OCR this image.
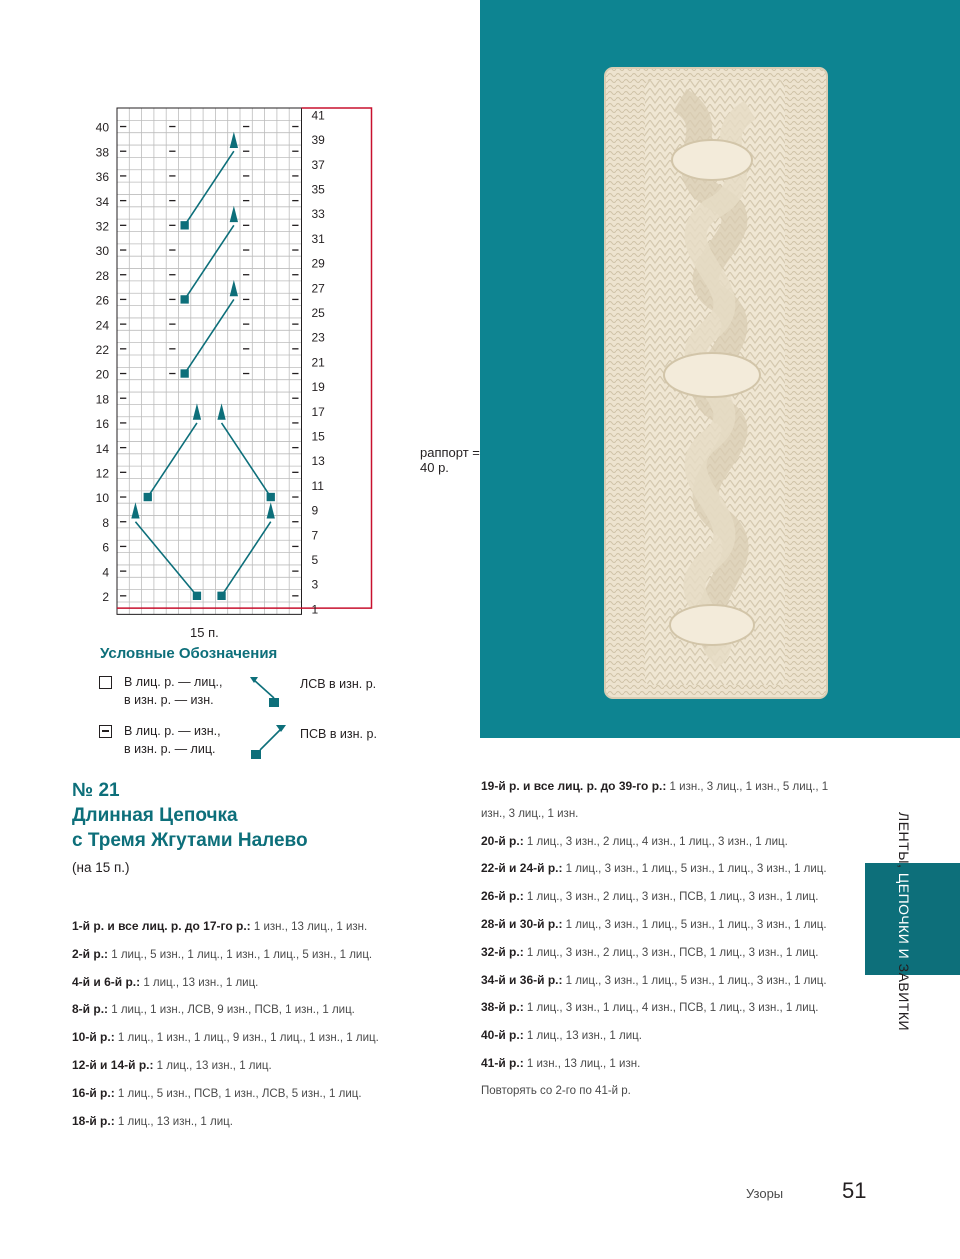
40
38
36
34
32
30
28
26
24
22
20
18
16
14
12
10
8
6
4
2
41
39
37
35
33
31
29
27
25
23
21
19
17
15
13
11
9
7
5
3
1
раппорт = 40 р.
15 п.
Условные Обозначения
В лиц. р. — лиц.,
в изн. р. — изн.
В лиц. р. — изн.,
в изн. р. — лиц.
ЛСВ в изн. р.
ПСВ в изн. р.
№ 21
Длинная Цепочка
с Тремя Жгутами Налево
(на 15 п.)
1-й р. и все лиц. р. до 17-го р.: 1 изн., 13 лиц., 1 изн.
2-й р.: 1 лиц., 5 изн., 1 лиц., 1 изн., 1 лиц., 5 изн., 1 лиц.
4-й и 6-й р.: 1 лиц., 13 изн., 1 лиц.
8-й р.: 1 лиц., 1 изн., ЛСВ, 9 изн., ПСВ, 1 изн., 1 лиц.
10-й р.: 1 лиц., 1 изн., 1 лиц., 9 изн., 1 лиц., 1 изн., 1 лиц.
12-й и 14-й р.: 1 лиц., 13 изн., 1 лиц.
16-й р.: 1 лиц., 5 изн., ПСВ, 1 изн., ЛСВ, 5 изн., 1 лиц.
18-й р.: 1 лиц., 13 изн., 1 лиц.
19-й р. и все лиц. р. до 39-го р.: 1 изн., 3 лиц., 1 изн., 5 лиц., 1 изн., 3 лиц., 1 изн.
20-й р.: 1 лиц., 3 изн., 2 лиц., 4 изн., 1 лиц., 3 изн., 1 лиц.
22-й и 24-й р.: 1 лиц., 3 изн., 1 лиц., 5 изн., 1 лиц., 3 изн., 1 лиц.
26-й р.: 1 лиц., 3 изн., 2 лиц., 3 изн., ПСВ, 1 лиц., 3 изн., 1 лиц.
28-й и 30-й р.: 1 лиц., 3 изн., 1 лиц., 5 изн., 1 лиц., 3 изн., 1 лиц.
32-й р.: 1 лиц., 3 изн., 2 лиц., 3 изн., ПСВ, 1 лиц., 3 изн., 1 лиц.
34-й и 36-й р.: 1 лиц., 3 изн., 1 лиц., 5 изн., 1 лиц., 3 изн., 1 лиц.
38-й р.: 1 лиц., 3 изн., 1 лиц., 4 изн., ПСВ, 1 лиц., 3 изн., 1 лиц.
40-й р.: 1 лиц., 13 изн., 1 лиц.
41-й р.: 1 изн., 13 лиц., 1 изн.
Повторять со 2-го по 41-й р.
ЛЕНТЫ, ЦЕПОЧКИ И ЗАВИТКИ
Узоры	51
